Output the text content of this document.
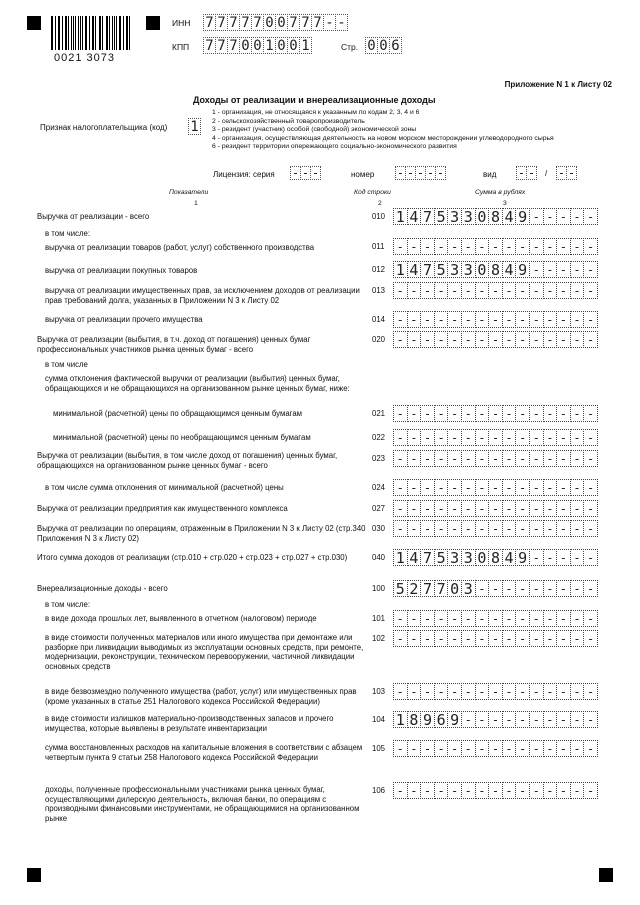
0021 3073
ИНН 7 7 7 7 7 0 0 7 7 7 - -
КПП 7 7 7 0 0 1 0 0 1	Стр. 0 0 6
Приложение N 1 к Листу 02
Доходы от реализации и внереализационные доходы
Признак налогоплательщика (код) 1
1 - организация, не относящаяся к указанным по кодам 2, 3, 4 и 6
2 - сельскохозяйственный товаропроизводитель
3 - резидент (участник) особой (свободной) экономической зоны
4 - организация, осуществляющая деятельность на новом морском месторождении углеводородного сырья
6 - резидент территории опережающего социально-экономического развития
Лицензия: серия - - -	номер - - - - -	вид - - / - -
Показатели	Код строки	Сумма в рублях
1	2	3
Выручка от реализации - всего	010 1 4 7 5 3 3 0 8 4 9 - - - - -
в том числе:
выручка от реализации товаров (работ, услуг) собственного производства	011	- - - - - - - - - - - - - - -
выручка от реализации покупных товаров	012 1 4 7 5 3 3 0 8 4 9 - - - - -
выручка от реализации имущественных прав, за исключением доходов от реализации прав требований долга, указанных в Приложении N 3 к Листу 02
013 - - - - - - - - - - - - - - -
выручка от реализации прочего имущества	014 - - - - - - - - - - - - - - -
Выручка от реализации (выбытия, в т.ч. доход от погашения) ценных бумаг профессиональных участников рынка ценных бумаг - всего
020 - - - - - - - - - - - - - - -
в том числе
сумма отклонения фактической выручки от реализации (выбытия) ценных бумаг, обращающихся и не обращающихся на организованном рынке ценных бумаг, ниже:
минимальной (расчетной) цены по обращающимся ценным бумагам	021 - - - - - - - - - - - - - - -
минимальной (расчетной) цены по необращающимся ценным бумагам	022 - - - - - - - - - - - - - - -
Выручка от реализации (выбытия, в том числе доход от погашения) ценных бумаг, обращающихся на организованном рынке ценных бумаг - всего
023 - - - - - - - - - - - - - - -
в том числе сумма отклонения от минимальной (расчетной) цены	024 - - - - - - - - - - - - - - -
Выручка от реализации предприятия как имущественного комплекса	027 - - - - - - - - - - - - - - -
Выручка от реализации по операциям, отраженным в Приложении N 3 к Листу 02 (стр.340 Приложения N 3 к Листу 02)
030 - - - - - - - - - - - - - - -
Итого сумма доходов от реализации (стр.010 + стр.020 + стр.023 + стр.027 + стр.030)	040 1 4 7 5 3 3 0 8 4 9 - - - - -
Внереализационные доходы - всего	100 5 2 7 7 0 3 - - - - - - - - -
в том числе:
в виде дохода прошлых лет, выявленного в отчетном (налоговом) периоде	101 - - - - - - - - - - - - - - -
в виде стоимости полученных материалов или иного имущества при демонтаже или разборке при ликвидации выводимых из эксплуатации основных средств, при ремонте, модернизации, реконструкции, техническом перевооружении, частичной ликвидации основных средств
102 - - - - - - - - - - - - - - -
в виде безвозмездно полученного имущества (работ, услуг) или имущественных прав (кроме указанных в статье 251 Налогового кодекса Российской Федерации)
103 - - - - - - - - - - - - - - -
в виде стоимости излишков материально-производственных запасов и прочего имущества, которые выявлены в результате инвентаризации
104 1 8 9 6 9 - - - - - - - - - -
сумма восстановленных расходов на капитальные вложения в соответствии с абзацем четвертым пункта 9 статьи 258 Налогового кодекса Российской Федерации
105 - - - - - - - - - - - - - - -
доходы, полученные профессиональными участниками рынка ценных бумаг, осуществляющими дилерскую деятельность, включая банки, по операциям с производными финансовыми инструментами, не обращающимися на организованном рынке
106 - - - - - - - - - - - - - - -
